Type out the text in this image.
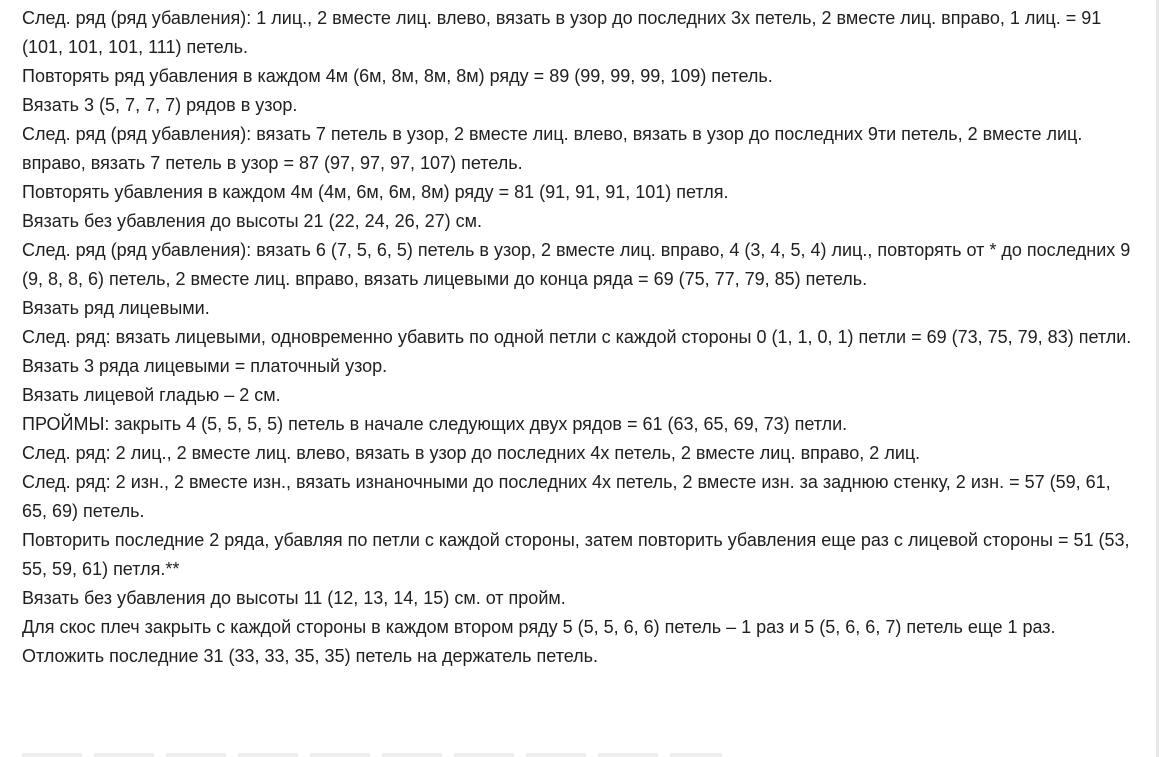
След. ряд (ряд убавления): 1 лиц., 2 вместе лиц. влево, вязать в узор до последних 3х петель, 2 вместе лиц. вправо, 1 лиц. = 91 (101, 101, 101, 111) петель.

Повторять ряд убавления в каждом 4м (6м, 8м, 8м, 8м) ряду = 89 (99, 99, 99, 109) петель.

Вязать 3 (5, 7, 7, 7) рядов в узор.

След. ряд (ряд убавления): вязать 7 петель в узор, 2 вместе лиц. влево, вязать в узор до последних 9ти петель, 2 вместе лиц. вправо, вязать 7 петель в узор = 87 (97, 97, 97, 107) петель.

Повторять убавления в каждом 4м (4м, 6м, 6м, 8м) ряду = 81 (91, 91, 91, 101) петля.

Вязать без убавления до высоты 21 (22, 24, 26, 27) см.

След. ряд (ряд убавления): вязать 6 (7, 5, 6, 5) петель в узор, 2 вместе лиц. вправо, 4 (3, 4, 5, 4) лиц., повторять от * до последних 9 (9, 8, 8, 6) петель, 2 вместе лиц. вправо, вязать лицевыми до конца ряда = 69 (75, 77, 79, 85) петель.

Вязать ряд лицевыми.

След. ряд: вязать лицевыми, одновременно убавить по одной петли с каждой стороны 0 (1, 1, 0, 1) петли = 69 (73, 75, 79, 83) петли.

Вязать 3 ряда лицевыми = платочный узор.

Вязать лицевой гладью – 2 см.

ПРОЙМЫ: закрыть 4 (5, 5, 5, 5) петель в начале следующих двух рядов = 61 (63, 65, 69, 73) петли.

След. ряд: 2 лиц., 2 вместе лиц. влево, вязать в узор до последних 4х петель, 2 вместе лиц. вправо, 2 лиц.

След. ряд: 2 изн., 2 вместе изн., вязать изнаночными до последних 4х петель, 2 вместе изн. за заднюю стенку, 2 изн. = 57 (59, 61, 65, 69) петель.

Повторить последние 2 ряда, убавляя по петли с каждой стороны, затем повторить убавления еще раз с лицевой стороны = 51 (53, 55, 59, 61) петля.**

Вязать без убавления до высоты 11 (12, 13, 14, 15) см. от пройм.

Для скос плеч закрыть с каждой стороны в каждом втором ряду 5 (5, 5, 6, 6) петель – 1 раз и 5 (5, 6, 6, 7) петель еще 1 раз.

Отложить последние 31 (33, 33, 35, 35) петель на держатель петель.
